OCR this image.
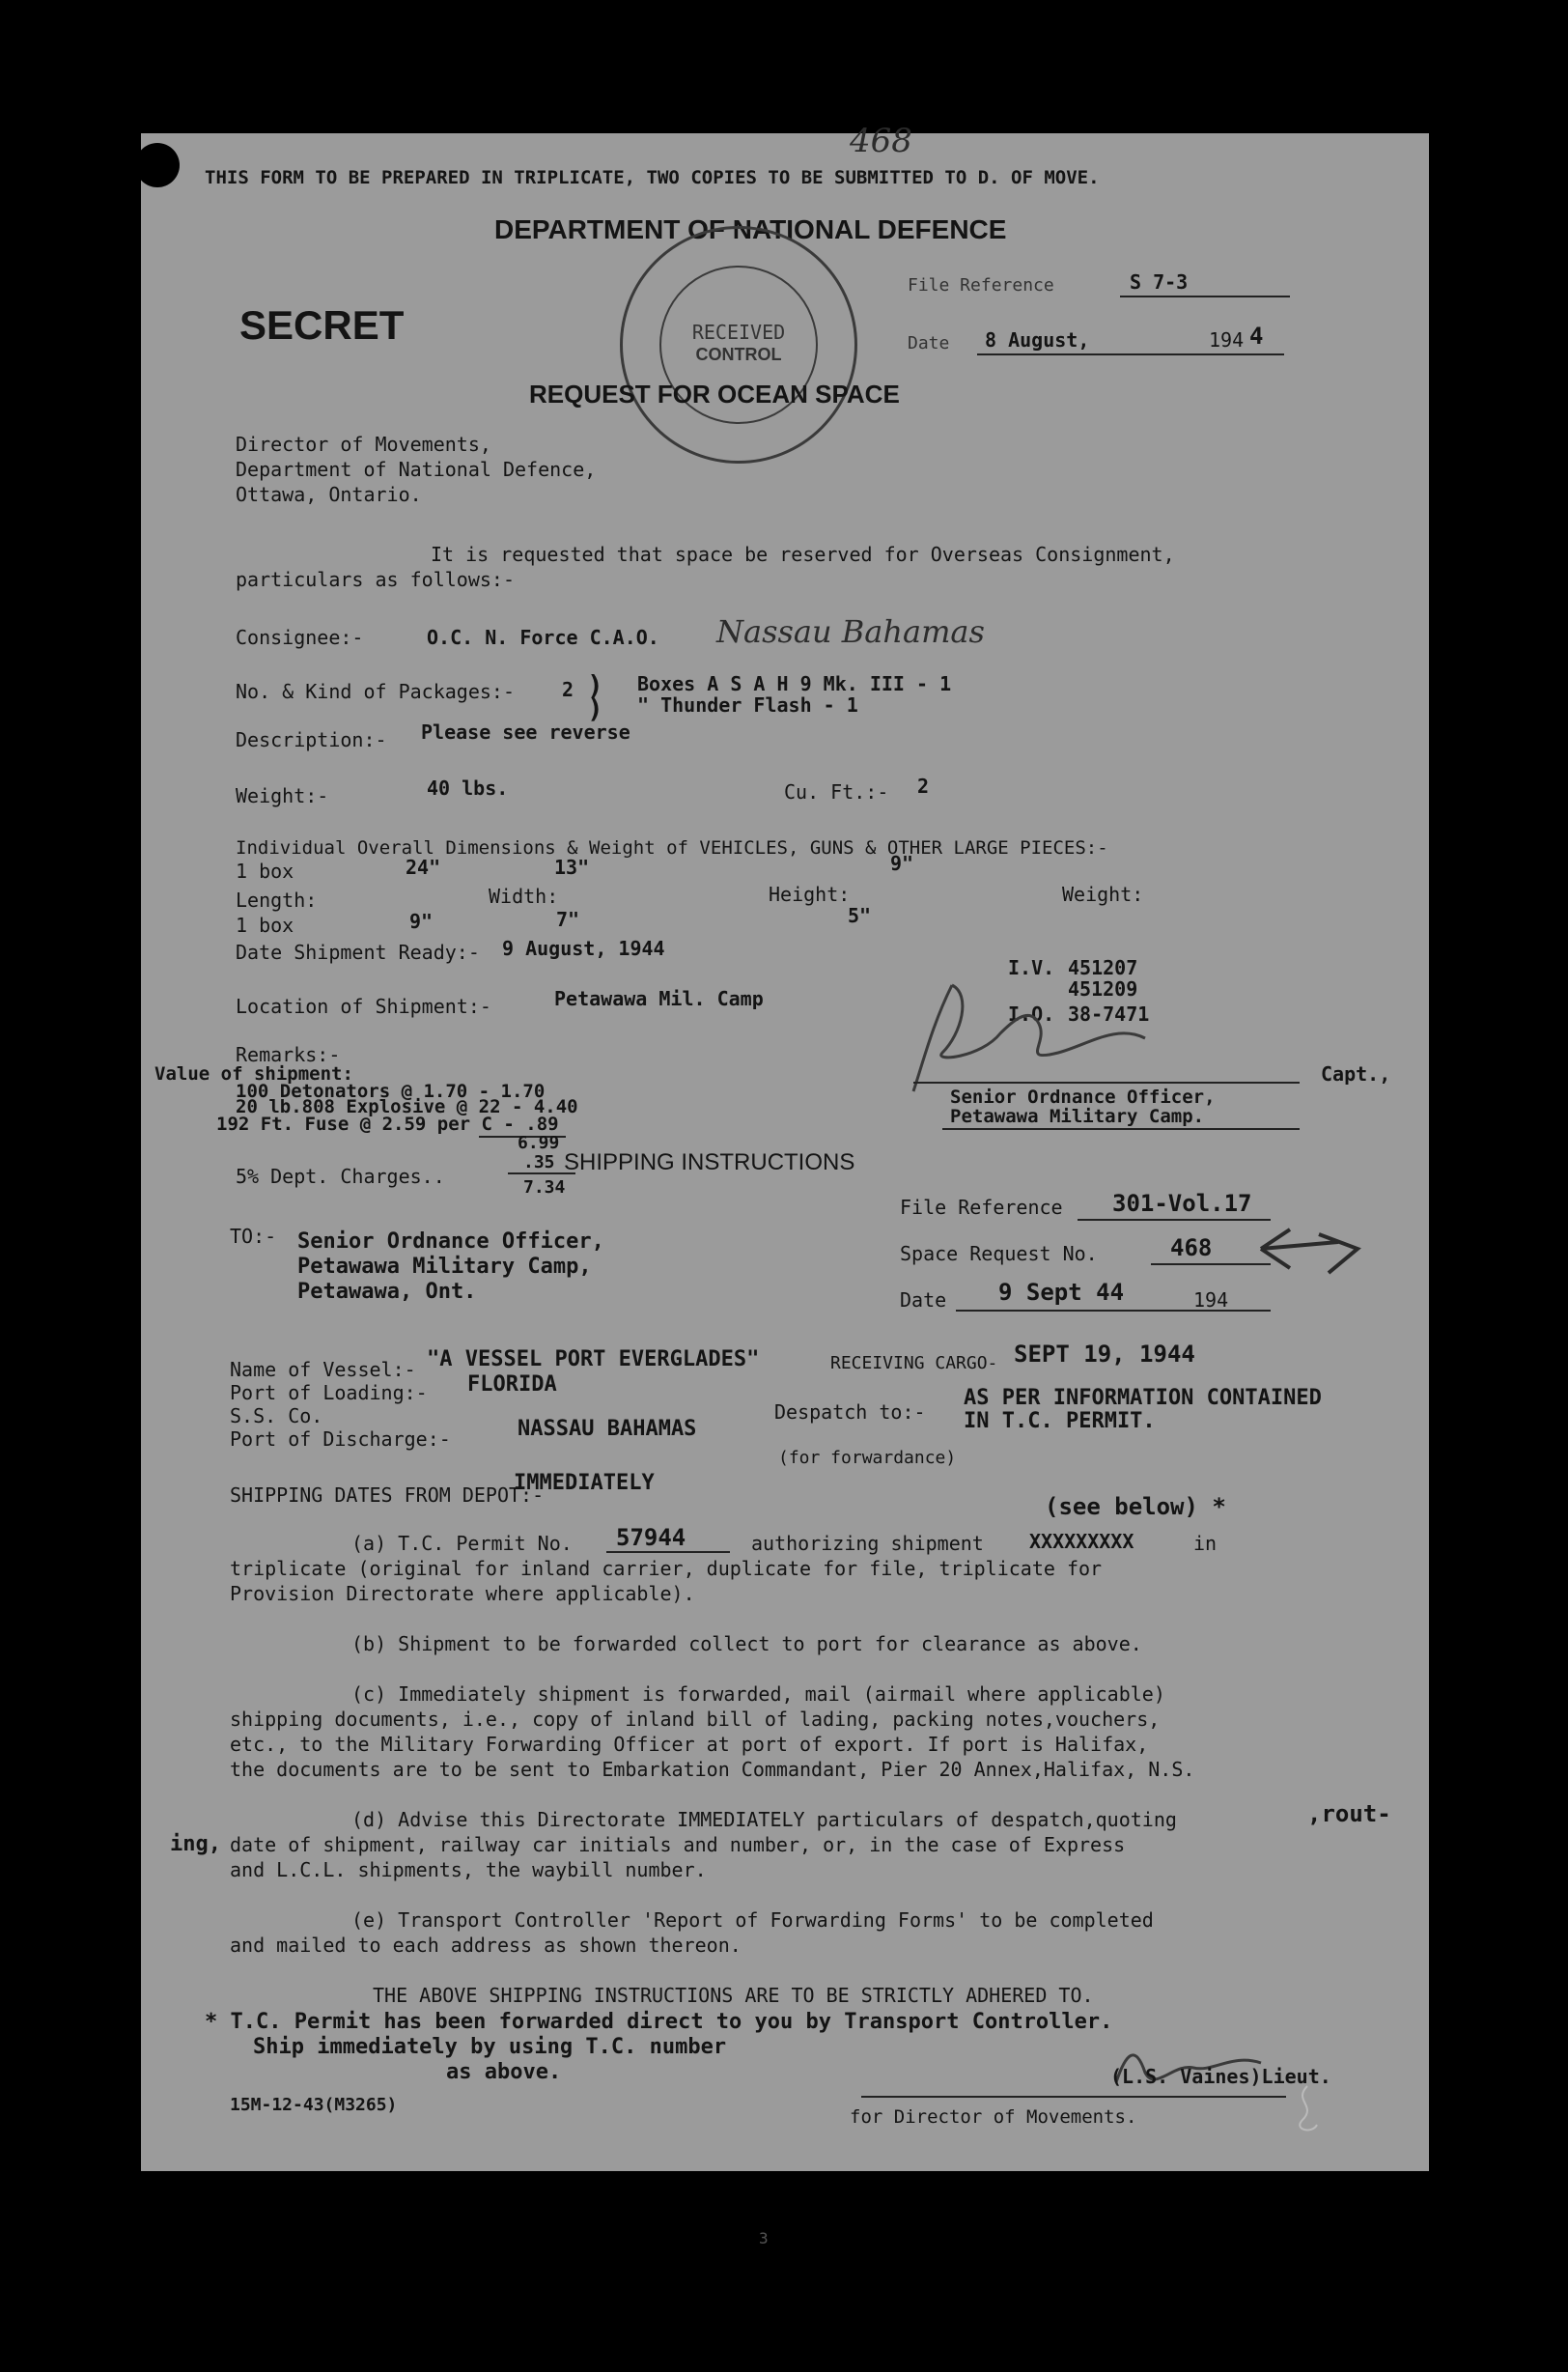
THIS FORM TO BE PREPARED IN TRIPLICATE, TWO COPIES TO BE SUBMITTED TO D. OF MOVE.
468
DEPARTMENT OF NATIONAL DEFENCE
RECEIVED
CONTROL
SECRET
File Reference	S 7-3
Date 8 August,	194 4
REQUEST FOR OCEAN SPACE
Director of Movements,
Department of National Defence,
Ottawa, Ontario.
It is requested that space be reserved for Overseas Consignment,
particulars as follows:-
Consignee:-	O.C. N. Force C.A.O. Nassau Bahamas
No. & Kind of Packages:- 2 )
)
Boxes A S A H 9 Mk. III - 1
" Thunder Flash - 1
Description:- Please see reverse
Weight:-	40 lbs.	Cu. Ft.:- 2
Individual Overall Dimensions & Weight of VEHICLES, GUNS & OTHER LARGE PIECES:-
1 box	24"	13"	9"
Length:	Width:	Height:	Weight:
1 box	9"	7"	5"
Date Shipment Ready:- 9 August, 1944
I.V. 451207
451209
Location of Shipment:-	Petawawa Mil. Camp
I.O. 38-7471
Remarks:-
Value of shipment:
100 Detonators @ 1.70 - 1.70
20 lb.808 Explosive @ 22 - 4.40
192 Ft. Fuse @ 2.59 per C - .89
6.99
Senior Ordnance Officer,
Petawawa Military Camp.
Capt.,
5% Dept. Charges..
.35
7.34
SHIPPING INSTRUCTIONS
TO:- Senior Ordnance Officer,
Petawawa Military Camp,
Petawawa, Ont.
File Reference 301-Vol.17
Space Request No.	468
Date 9 Sept 44	194
Name of Vessel:- "A VESSEL PORT EVERGLADES"	RECEIVING CARGO- SEPT 19, 1944
Port of Loading:- FLORIDA
S.S. Co.	Despatch to:-
AS PER INFORMATION CONTAINED
IN T.C. PERMIT.
Port of Discharge:-	NASSAU BAHAMAS
(for forwardance)
SHIPPING DATES FROM DEPOT:-
IMMEDIATELY
(see below) *
(a) T.C. Permit No. 57944	authorizing shipment XXXXXXXXX	in
triplicate (original for inland carrier, duplicate for file, triplicate for
Provision Directorate where applicable).
(b) Shipment to be forwarded collect to port for clearance as above.
(c) Immediately shipment is forwarded, mail (airmail where applicable)
shipping documents, i.e., copy of inland bill of lading, packing notes,vouchers,
etc., to the Military Forwarding Officer at port of export. If port is Halifax,
the documents are to be sent to Embarkation Commandant, Pier 20 Annex,Halifax, N.S.
(d) Advise this Directorate IMMEDIATELY particulars of despatch,quoting	,rout-
ing, date of shipment, railway car initials and number, or, in the case of Express
and L.C.L. shipments, the waybill number.
(e) Transport Controller 'Report of Forwarding Forms' to be completed
and mailed to each address as shown thereon.
THE ABOVE SHIPPING INSTRUCTIONS ARE TO BE STRICTLY ADHERED TO.
* T.C. Permit has been forwarded direct to you by Transport Controller.
Ship immediately by using T.C. number
as above.
15M-12-43(M3265)
(L.S. Vaines)Lieut.
for Director of Movements.
3
